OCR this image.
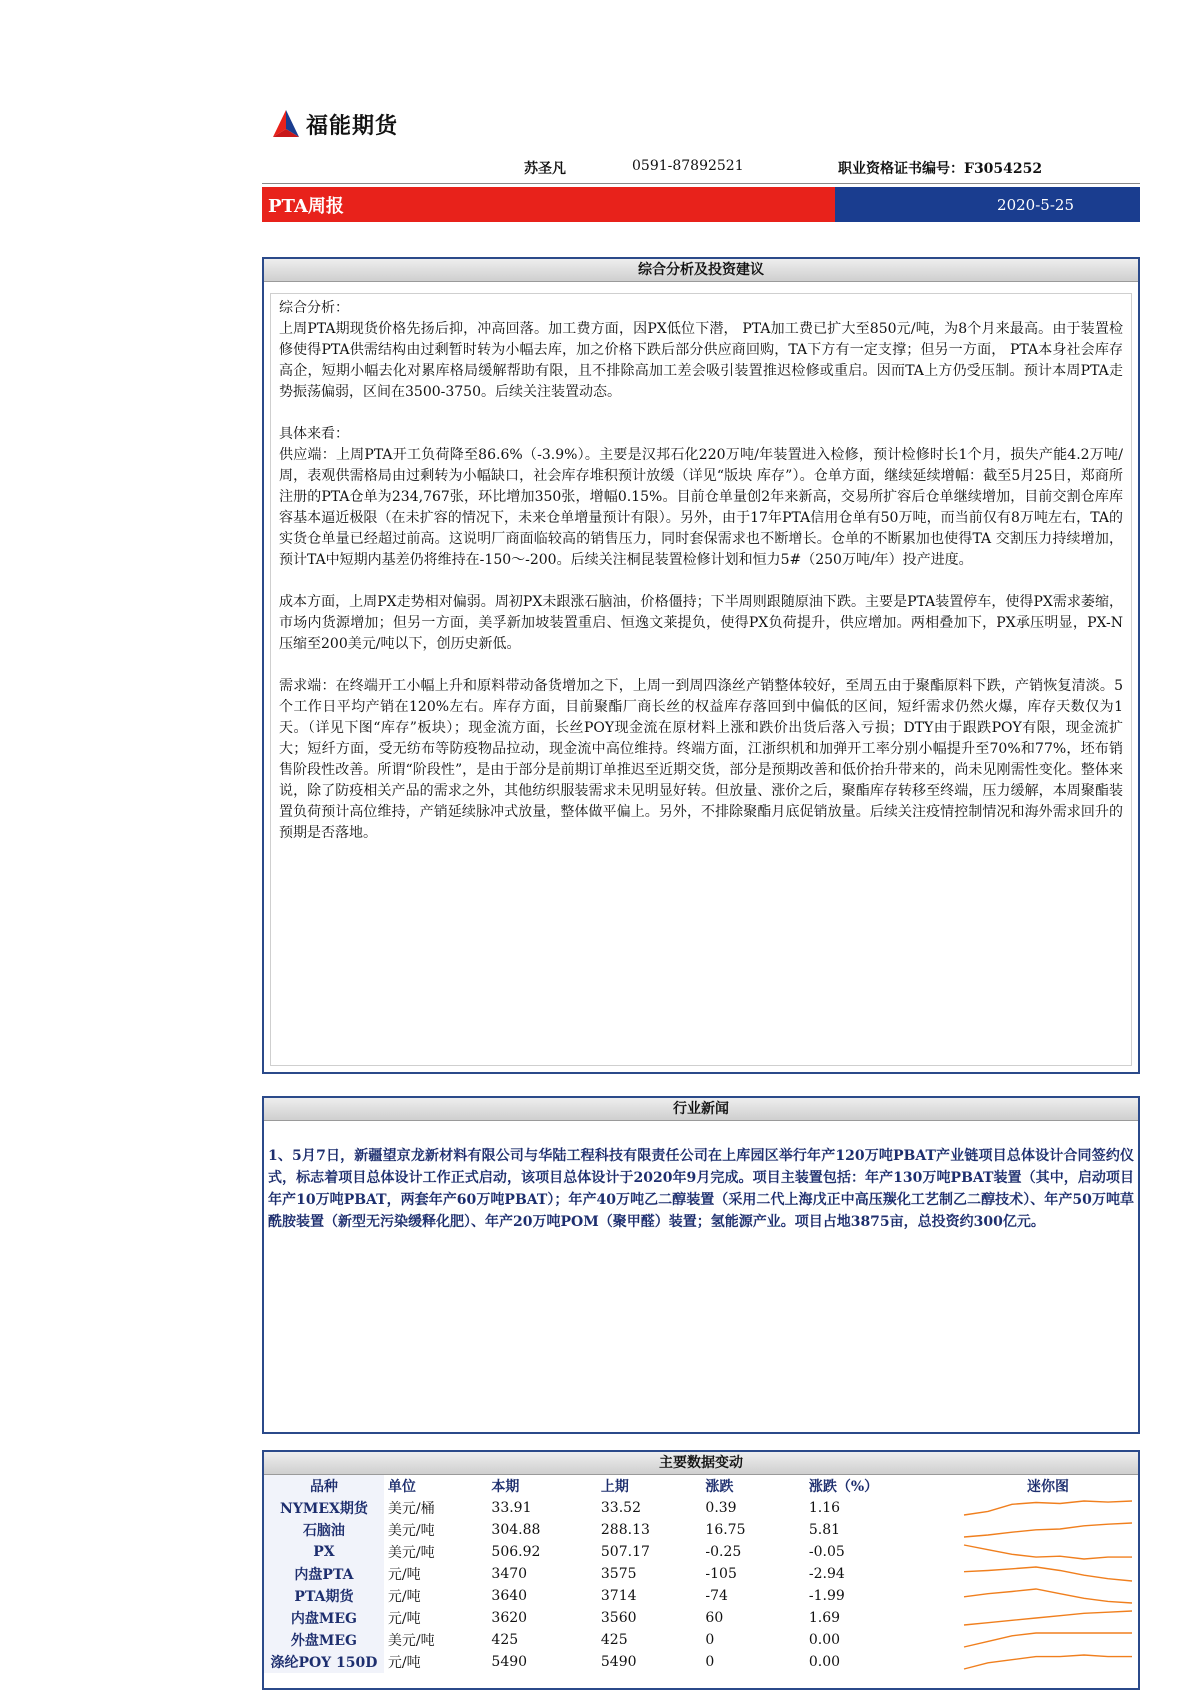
福能期货
苏圣凡	0591-87892521	职业资格证书编号：F3054252
PTA周报	2020-5-25
综合分析及投资建议

综合分析：

上周PTA期现货价格先扬后抑，冲高回落。加工费方面，因PX低位下潜， PTA加工费已扩大至850元/吨，为8个月来最高。由于装置检修使得PTA供需结构由过剩暂时转为小幅去库，加之价格下跌后部分供应商回购，TA下方有一定支撑；但另一方面， PTA本身社会库存高企，短期小幅去化对累库格局缓解帮助有限，且不排除高加工差会吸引装置推迟检修或重启。因而TA上方仍受压制。预计本周PTA走势振荡偏弱，区间在3500-3750。后续关注装置动态。

具体来看：

供应端：上周PTA开工负荷降至86.6%（-3.9%）。主要是汉邦石化220万吨/年装置进入检修，预计检修时长1个月，损失产能4.2万吨/周，表观供需格局由过剩转为小幅缺口，社会库存堆积预计放缓（详见“版块 库存”）。仓单方面，继续延续增幅：截至5月25日，郑商所注册的PTA仓单为234,767张，环比增加350张，增幅0.15%。目前仓单量创2年来新高，交易所扩容后仓单继续增加，目前交割仓库库容基本逼近极限（在未扩容的情况下，未来仓单增量预计有限）。另外，由于17年PTA信用仓单有50万吨，而当前仅有8万吨左右，TA的实货仓单量已经超过前高。这说明厂商面临较高的销售压力，同时套保需求也不断增长。仓单的不断累加也使得TA 交割压力持续增加，预计TA中短期内基差仍将维持在-150～-200。后续关注桐昆装置检修计划和恒力5#（250万吨/年）投产进度。

成本方面，上周PX走势相对偏弱。周初PX未跟涨石脑油，价格僵持；下半周则跟随原油下跌。主要是PTA装置停车，使得PX需求萎缩，市场内货源增加；但另一方面，美孚新加坡装置重启、恒逸文莱提负，使得PX负荷提升，供应增加。两相叠加下，PX承压明显，PX-N压缩至200美元/吨以下，创历史新低。

需求端：在终端开工小幅上升和原料带动备货增加之下，上周一到周四涤丝产销整体较好，至周五由于聚酯原料下跌，产销恢复清淡。5个工作日平均产销在120%左右。库存方面，目前聚酯厂商长丝的权益库存落回到中偏低的区间，短纤需求仍然火爆，库存天数仅为1天。（详见下图“库存”板块）；现金流方面，长丝POY现金流在原材料上涨和跌价出货后落入亏损；DTY由于跟跌POY有限，现金流扩大；短纤方面，受无纺布等防疫物品拉动，现金流中高位维持。终端方面，江浙织机和加弹开工率分别小幅提升至70%和77%，坯布销售阶段性改善。所谓“阶段性”，是由于部分是前期订单推迟至近期交货，部分是预期改善和低价抬升带来的，尚未见刚需性变化。整体来说，除了防疫相关产品的需求之外，其他纺织服装需求未见明显好转。但放量、涨价之后，聚酯库存转移至终端，压力缓解，本周聚酯装置负荷预计高位维持，产销延续脉冲式放量，整体做平偏上。另外，不排除聚酯月底促销放量。后续关注疫情控制情况和海外需求回升的预期是否落地。

行业新闻
1、5月7日，新疆望京龙新材料有限公司与华陆工程科技有限责任公司在上库园区举行年产120万吨PBAT产业链项目总体设计合同签约仪式，标志着项目总体设计工作正式启动，该项目总体设计于2020年9月完成。项目主装置包括：年产130万吨PBAT装置（其中，启动项目年产10万吨PBAT，两套年产60万吨PBAT）；年产40万吨乙二醇装置（采用二代上海戊正中高压羰化工艺制乙二醇技术）、年产50万吨草酰胺装置（新型无污染缓释化肥）、年产20万吨POM（聚甲醛）装置；氢能源产业。项目占地3875亩，总投资约300亿元。
主要数据变动
品种	单位	本期	上期	涨跌	涨跌（%）	迷你图
NYMEX期货	美元/桶	33.91	33.52	0.39	1.16	

石脑油	美元/吨	304.88	288.13	16.75	5.81	

PX	美元/吨	506.92	507.17	-0.25	-0.05	

内盘PTA	元/吨	3470	3575	-105	-2.94	

PTA期货	元/吨	3640	3714	-74	-1.99	

内盘MEG	元/吨	3620	3560	60	1.69	

外盘MEG	美元/吨	425	425	0	0.00	

涤纶POY 150D	元/吨	5490	5490	0	0.00	
